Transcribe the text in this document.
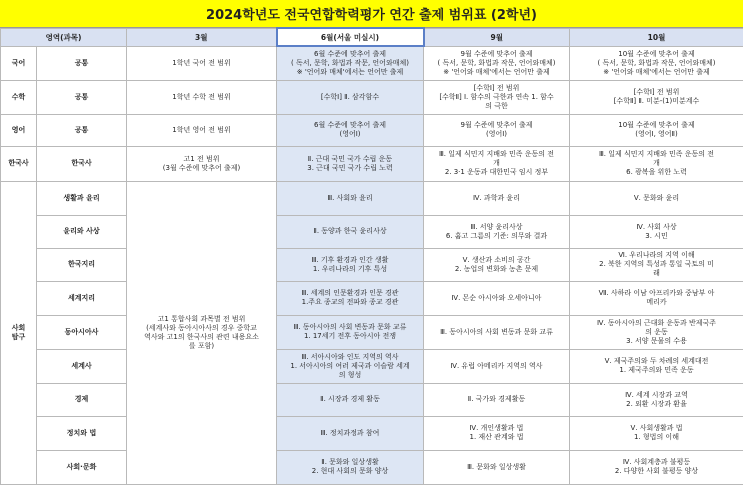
2024학년도 전국연합학력평가 연간 출제 범위표 (2학년)
영역(과목)		3월	6월(서울 미실시)	9월	10월
국어	공통	1학년 국어 전 범위	6월 수준에 맞추어 출제
( 독서, 문학, 화법과 작문, 언어와매체)
※ '언어와 매체'에서는 언어만 출제	9월 수준에 맞추어 출제
( 독서, 문학, 화법과 작문, 언어와매체)
※ '언어와 매체'에서는 언어만 출제	10월 수준에 맞추어 출제
( 독서, 문학, 화법과 작문, 언어와매체)
※ '언어와 매체'에서는 언어만 출제

수학	공통	1학년 수학 전 범위	[수학Ⅰ] Ⅱ. 삼각함수	[수학Ⅰ] 전 범위
[수학Ⅱ] Ⅰ. 함수의 극한과 연속 1. 함수
의 극한	[수학Ⅰ] 전 범위
[수학Ⅱ] Ⅱ. 미분-(1)미분계수

영어	공통	1학년 영어 전 범위	6월 수준에 맞추어 출제
(영어Ⅰ)	9월 수준에 맞추어 출제
(영어Ⅰ)	10월 수준에 맞추어 출제
(영어Ⅰ, 영어Ⅱ)

한국사	한국사	고1 전 범위
(3월 수준에 맞추어 출제)	Ⅱ. 근대 국민 국가 수립 운동
3. 근대 국민 국가 수립 노력	Ⅲ. 일제 식민지 지배와 민족 운동의 전
개
2. 3·1 운동과 대한민국 임시 정부	Ⅲ. 일제 식민지 지배와 민족 운동의 전
개
6. 광복을 위한 노력

사회
탐구	생활과 윤리	고1 통합사회 과목별 전 범위
(세계사와 동아시아사의 경우 중학교
역사와 고1의 한국사의 관련 내용요소
를 포함)	Ⅲ. 사회와 윤리	Ⅳ. 과학과 윤리	Ⅴ. 문화와 윤리

	윤리와 사상		Ⅱ. 동양과 한국 윤리사상	Ⅲ. 서양 윤리사상
6. 흄고 그름의 기준: 의무와 결과	Ⅳ. 사회 사상
3. 시민

	한국지리		Ⅲ. 기후 환경과 인간 생활
1. 우리나라의 기후 특성	Ⅴ. 생산과 소비의 공간
2. 농업의 변화와 농촌 문제	Ⅵ. 우리나라의 지역 이해
2. 북한 지역의 특성과 통일 국토의 미
래

	세계지리		Ⅲ. 세계의 인문환경과 인문 경관
1.주요 종교의 전파와 종교 경관	Ⅳ. 몬순 아시아와 오세아니아	Ⅶ. 사하라 이남 아프리카와 중남부 아
메리카

	동아시아사		Ⅲ. 동아시아의 사회 변동과 문화 교류
1. 17세기 전후 동아시아 전쟁	Ⅲ. 동아시아의 사회 변동과 문화 교류	Ⅳ. 동아시아의 근대화 운동과 반제국주
의 운동
3. 서양 문물의 수용

	세계사		Ⅲ. 서아시아와 인도 지역의 역사
1. 서아시아의 여러 제국과 이슬람 세계
의 형성	Ⅳ. 유럽 아메리카 지역의 역사	Ⅴ. 제국주의와 두 차례의 세계대전
1. 제국주의와 민족 운동

	경제		Ⅱ. 시장과 경제 활동	Ⅱ. 국가와 경제활동	Ⅳ. 세계 시장과 교역
2. 외환 시장과 환율

	정치와 법		Ⅲ. 정치과정과 참여	Ⅳ. 개인생활과 법
1. 재산 관계와 법	Ⅴ. 사회생활과 법
1. 형법의 이해

	사회·문화		Ⅱ. 문화와 일상생활
2. 현대 사회의 문화 양상	Ⅲ. 문화와 일상생활	Ⅳ. 사회계층과 불평등
2. 다양한 사회 불평등 양상
